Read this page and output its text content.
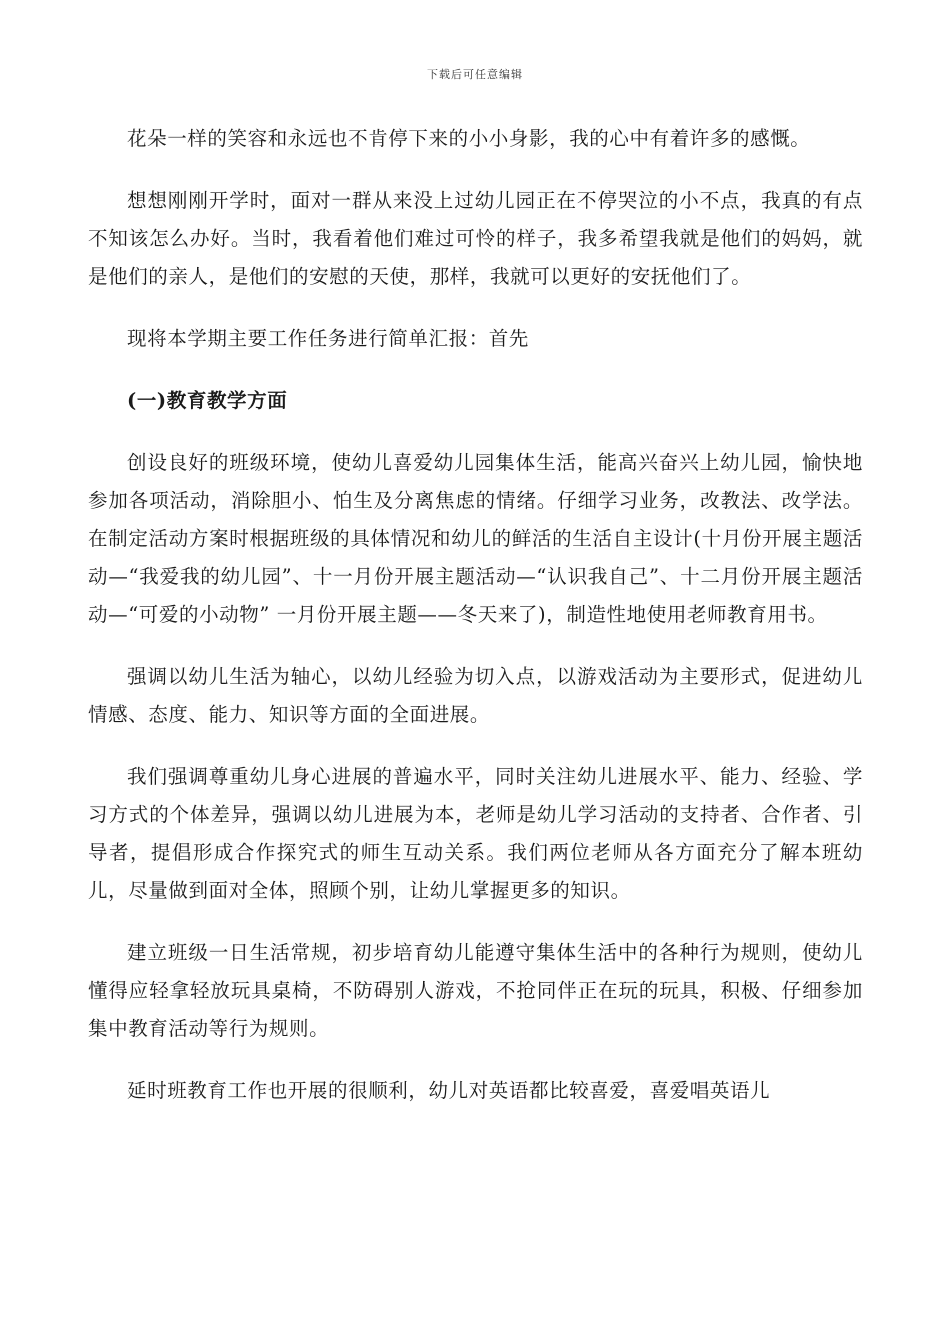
下载后可任意编辑

花朵一样的笑容和永远也不肯停下来的小小身影，我的心中有着许多的感慨。

想想刚刚开学时，面对一群从来没上过幼儿园正在不停哭泣的小不点，我真的有点不知该怎么办好。当时，我看着他们难过可怜的样子，我多希望我就是他们的妈妈，就是他们的亲人，是他们的安慰的天使，那样，我就可以更好的安抚他们了。

现将本学期主要工作任务进行简单汇报：首先

(一)教育教学方面

创设良好的班级环境，使幼儿喜爱幼儿园集体生活，能高兴奋兴上幼儿园，愉快地参加各项活动，消除胆小、怕生及分离焦虑的情绪。仔细学习业务，改教法、改学法。在制定活动方案时根据班级的具体情况和幼儿的鲜活的生活自主设计(十月份开展主题活动—“我爱我的幼儿园”、十一月份开展主题活动—“认识我自己”、十二月份开展主题活动—“可爱的小动物” 一月份开展主题——冬天来了)，制造性地使用老师教育用书。

强调以幼儿生活为轴心，以幼儿经验为切入点，以游戏活动为主要形式，促进幼儿情感、态度、能力、知识等方面的全面进展。

我们强调尊重幼儿身心进展的普遍水平，同时关注幼儿进展水平、能力、经验、学习方式的个体差异，强调以幼儿进展为本，老师是幼儿学习活动的支持者、合作者、引导者，提倡形成合作探究式的师生互动关系。我们两位老师从各方面充分了解本班幼儿，尽量做到面对全体，照顾个别，让幼儿掌握更多的知识。

建立班级一日生活常规，初步培育幼儿能遵守集体生活中的各种行为规则，使幼儿懂得应轻拿轻放玩具桌椅，不防碍别人游戏，不抢同伴正在玩的玩具，积极、仔细参加集中教育活动等行为规则。

延时班教育工作也开展的很顺利，幼儿对英语都比较喜爱，喜爱唱英语儿
